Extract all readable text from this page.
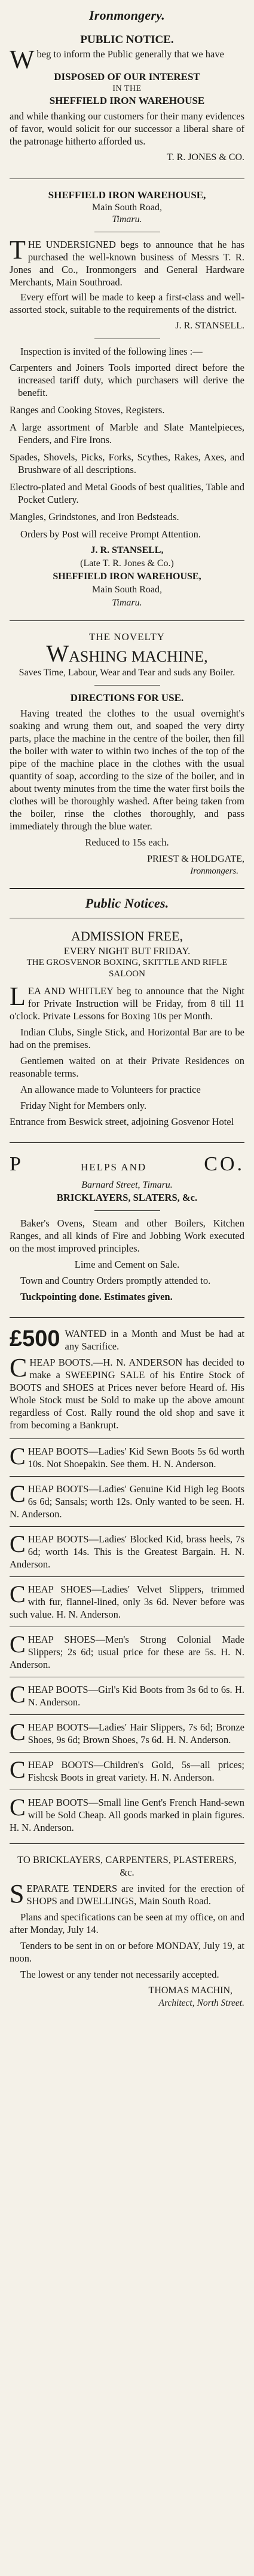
Ironmongery.
PUBLIC NOTICE.
Wbeg to inform the Public generally that we have
DISPOSED OF OUR INTEREST
IN THE
SHEFFIELD IRON WAREHOUSE

and while thanking our customers for their many evidences of favor, would solicit for our successor a liberal share of the patronage hitherto afforded us.

T. R. JONES & CO.
SHEFFIELD IRON WAREHOUSE,
Main South Road,
Timaru.
THE UNDERSIGNED begs to announce that he has purchased the well-known business of Messrs T. R. Jones and Co., Ironmongers and General Hardware Merchants, Main Southroad.

Every effort will be made to keep a first-class and well-assorted stock, suitable to the requirements of the district.

J. R. STANSELL.

Inspection is invited of the following lines :—

Carpenters and Joiners Tools imported direct before the increased tariff duty, which purchasers will derive the benefit.
Ranges and Cooking Stoves, Registers.
A large assortment of Marble and Slate Mantelpieces, Fenders, and Fire Irons.
Spades, Shovels, Picks, Forks, Scythes, Rakes, Axes, and Brushware of all descriptions.
Electro-plated and Metal Goods of best qualities, Table and Pocket Cutlery.
Mangles, Grindstones, and Iron Bedsteads.

Orders by Post will receive Prompt Attention.

J. R. STANSELL,
(Late T. R. Jones & Co.)
SHEFFIELD IRON WAREHOUSE,
Main South Road,
Timaru.
THE NOVELTY
WASHING MACHINE,
Saves Time, Labour, Wear and Tear and suds any Boiler.
DIRECTIONS FOR USE.

Having treated the clothes to the usual overnight's soaking and wrung them out, and soaped the very dirty parts, place the machine in the centre of the boiler, then fill the boiler with water to within two inches of the top of the pipe of the machine place in the clothes with the usual quantity of soap, according to the size of the boiler, and in about twenty minutes from the time the water first boils the clothes will be thoroughly washed. After being taken from the boiler, rinse the clothes thoroughly, and pass immediately through the blue water.

Reduced to 15s each.
PRIEST & HOLDGATE,
Ironmongers.
Public Notices.
ADMISSION FREE,
EVERY NIGHT BUT FRIDAY.
THE GROSVENOR BOXING, SKITTLE AND RIFLE SALOON
LEA AND WHITLEY beg to announce that the Night for Private Instruction will be Friday, from 8 till 11 o'clock. Private Lessons for Boxing 10s per Month.

Indian Clubs, Single Stick, and Horizontal Bar are to be had on the premises.

Gentlemen waited on at their Private Residences on reasonable terms.

An allowance made to Volunteers for practice

Friday Night for Members only.

Entrance from Beswick street, adjoining Gosvenor Hotel

P	HELPS AND	CO.
Barnard Street, Timaru.
BRICKLAYERS, SLATERS, &c.

Baker's Ovens, Steam and other Boilers, Kitchen Ranges, and all kinds of Fire and Jobbing Work executed on the most improved principles.

Lime and Cement on Sale.

Town and Country Orders promptly attended to.

Tuckpointing done. Estimates given.

£500 WANTED in a Month and Must be had at any Sacrifice.
CHEAP BOOTS.—H. N. ANDERSON has decided to make a SWEEPING SALE of his Entire Stock of BOOTS and SHOES at Prices never before Heard of. His Whole Stock must be Sold to make up the above amount regardless of Cost. Rally round the old shop and save it from becoming a Bankrupt.
CHEAP BOOTS—Ladies' Kid Sewn Boots 5s 6d worth 10s. Not Shoepakin. See them. H. N. Anderson.
CHEAP BOOTS—Ladies' Genuine Kid High leg Boots 6s 6d; Sansals; worth 12s. Only wanted to be seen. H. N. Anderson.
CHEAP BOOTS—Ladies' Blocked Kid, brass heels, 7s 6d; worth 14s. This is the Greatest Bargain. H. N. Anderson.
CHEAP SHOES—Ladies' Velvet Slippers, trimmed with fur, flannel-lined, only 3s 6d. Never before was such value. H. N. Anderson.
CHEAP SHOES—Men's Strong Colonial Made Slippers; 2s 6d; usual price for these are 5s. H. N. Anderson.
CHEAP BOOTS—Girl's Kid Boots from 3s 6d to 6s. H. N. Anderson.
CHEAP BOOTS—Ladies' Hair Slippers, 7s 6d; Bronze Shoes, 9s 6d; Brown Shoes, 7s 6d. H. N. Anderson.
CHEAP BOOTS—Children's Gold, 5s—all prices; Fishcsk Boots in great variety. H. N. Anderson.
CHEAP BOOTS—Small line Gent's French Hand-sewn will be Sold Cheap. All goods marked in plain figures. H. N. Anderson.
TO BRICKLAYERS, CARPENTERS, PLASTERERS, &c.
SEPARATE TENDERS are invited for the erection of SHOPS and DWELLINGS, Main South Road.

Plans and specifications can be seen at my office, on and after Monday, July 14.

Tenders to be sent in on or before MONDAY, July 19, at noon.

The lowest or any tender not necessarily accepted.

THOMAS MACHIN,
Architect, North Street.
